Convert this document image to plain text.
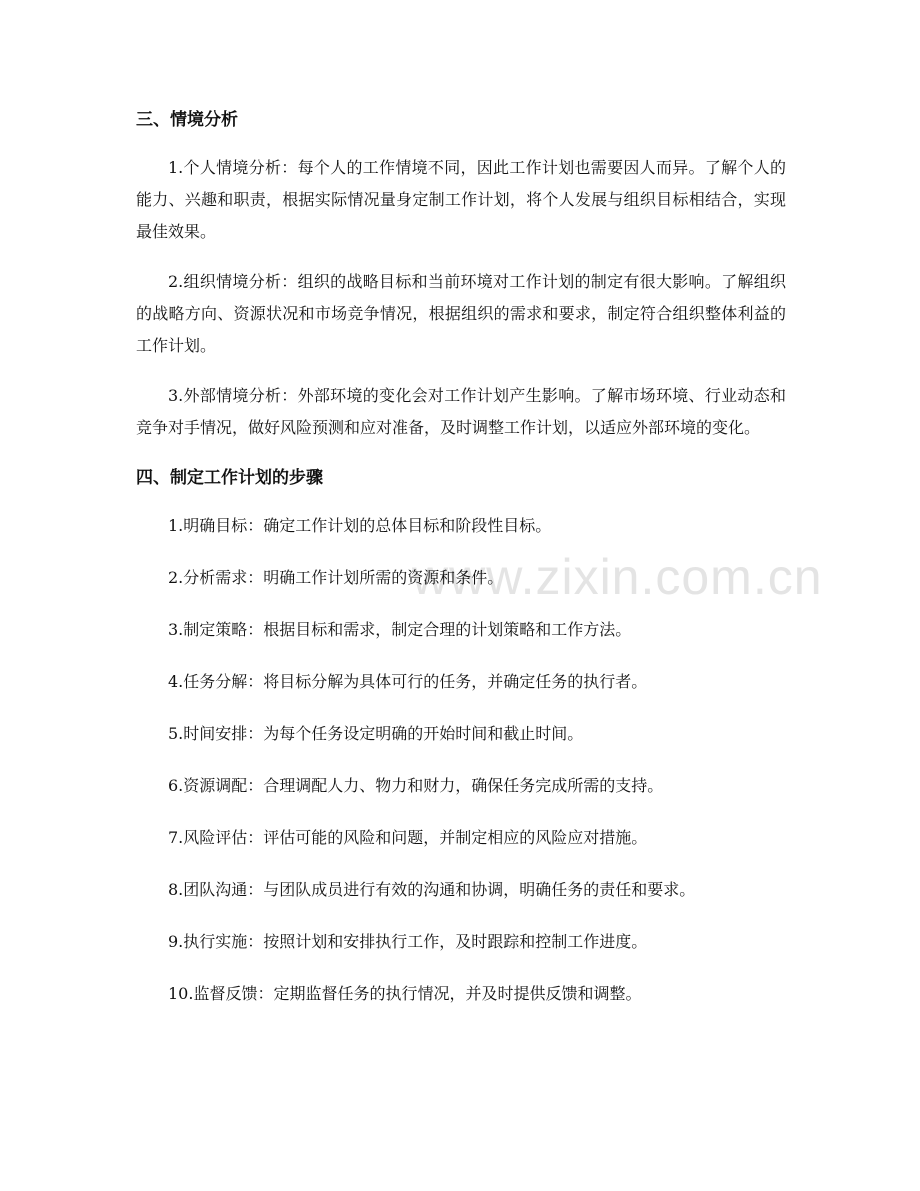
www.zixin.com.cn
三、情境分析

1.个人情境分析：每个人的工作情境不同，因此工作计划也需要因人而异。了解个人的能力、兴趣和职责，根据实际情况量身定制工作计划，将个人发展与组织目标相结合，实现最佳效果。

2.组织情境分析：组织的战略目标和当前环境对工作计划的制定有很大影响。了解组织的战略方向、资源状况和市场竞争情况，根据组织的需求和要求，制定符合组织整体利益的工作计划。

3.外部情境分析：外部环境的变化会对工作计划产生影响。了解市场环境、行业动态和竞争对手情况，做好风险预测和应对准备，及时调整工作计划，以适应外部环境的变化。

四、制定工作计划的步骤

1.明确目标：确定工作计划的总体目标和阶段性目标。

2.分析需求：明确工作计划所需的资源和条件。

3.制定策略：根据目标和需求，制定合理的计划策略和工作方法。

4.任务分解：将目标分解为具体可行的任务，并确定任务的执行者。

5.时间安排：为每个任务设定明确的开始时间和截止时间。

6.资源调配：合理调配人力、物力和财力，确保任务完成所需的支持。

7.风险评估：评估可能的风险和问题，并制定相应的风险应对措施。

8.团队沟通：与团队成员进行有效的沟通和协调，明确任务的责任和要求。

9.执行实施：按照计划和安排执行工作，及时跟踪和控制工作进度。

10.监督反馈：定期监督任务的执行情况，并及时提供反馈和调整。
